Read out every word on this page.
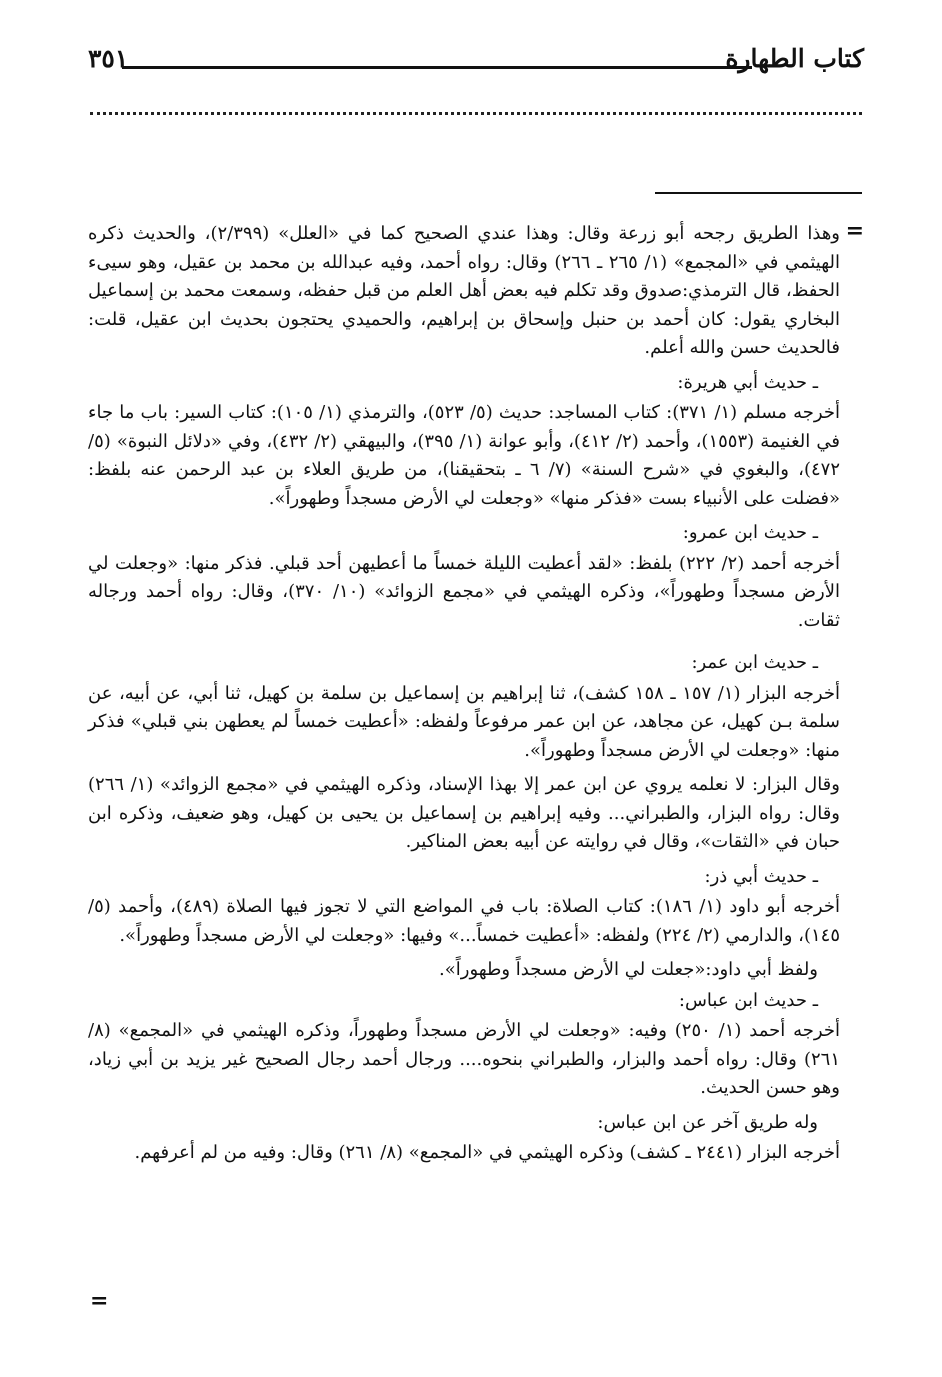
كتاب الطهارة
٣٥١
=

وهذا الطريق رجحه أبو زرعة وقال: وهذا عندي الصحيح كما في «العلل» (٢/٣٩٩)، والحديث ذكره الهيثمي في «المجمع» (١/ ٢٦٥ ـ ٢٦٦) وقال: رواه أحمد، وفيه عبدالله بن محمد بن عقيل، وهو سيىء الحفظ، قال الترمذي:صدوق وقد تكلم فيه بعض أهل العلم من قبل حفظه، وسمعت محمد بن إسماعيل البخاري يقول: كان أحمد بن حنبل وإسحاق بن إبراهيم، والحميدي يحتجون بحديث ابن عقيل، قلت: فالحديث حسن والله أعلم.

ـ حديث أبي هريرة:

أخرجه مسلم (١/ ٣٧١): كتاب المساجد: حديث (٥/ ٥٢٣)، والترمذي (١/ ١٠٥): كتاب السير: باب ما جاء في الغنيمة (١٥٥٣)، وأحمد (٢/ ٤١٢)، وأبو عوانة (١/ ٣٩٥)، والبيهقي (٢/ ٤٣٢)، وفي «دلائل النبوة» (٥/ ٤٧٢)، والبغوي في «شرح السنة» (٧/ ٦ ـ بتحقيقنا)، من طريق العلاء بن عبد الرحمن عنه بلفظ: «فضلت على الأنبياء بست «فذكر منها» «وجعلت لي الأرض مسجداً وطهوراً».

ـ حديث ابن عمرو:

أخرجه أحمد (٢/ ٢٢٢) بلفظ: «لقد أعطيت الليلة خمساً ما أعطيهن أحد قبلي. فذكر منها: «وجعلت لي الأرض مسجداً وطهوراً»، وذكره الهيثمي في «مجمع الزوائد» (١٠/ ٣٧٠)، وقال: رواه أحمد ورجاله ثقات.

ـ حديث ابن عمر:

أخرجه البزار (١/ ١٥٧ ـ ١٥٨ كشف)، ثنا إبراهيم بن إسماعيل بن سلمة بن كهيل، ثنا أبي، عن أبيه، عن سلمة بـن كهيل، عن مجاهد، عن ابن عمر مرفوعاً ولفظه: «أعطيت خمساً لم يعطهن بني قبلي» فذكر منها: «وجعلت لي الأرض مسجداً وطهوراً».

وقال البزار: لا نعلمه يروي عن ابن عمر إلا بهذا الإسناد، وذكره الهيثمي في «مجمع الزوائد» (١/ ٢٦٦) وقال: رواه البزار، والطبراني... وفيه إبراهيم بن إسماعيل بن يحيى بن كهيل، وهو ضعيف، وذكره ابن حبان في «الثقات»، وقال في روايته عن أبيه بعض المناكير.

ـ حديث أبي ذر:

أخرجه أبو داود (١/ ١٨٦): كتاب الصلاة: باب في المواضع التي لا تجوز فيها الصلاة (٤٨٩)، وأحمد (٥/ ١٤٥)، والدارمي (٢/ ٢٢٤) ولفظه: «أعطيت خمساً...» وفيها: «وجعلت لي الأرض مسجداً وطهوراً».

ولفظ أبي داود:«جعلت لي الأرض مسجداً وطهوراً».

ـ حديث ابن عباس:

أخرجه أحمد (١/ ٢٥٠) وفيه: «وجعلت لي الأرض مسجداً وطهوراً، وذكره الهيثمي في «المجمع» (٨/ ٢٦١) وقال: رواه أحمد والبزار، والطبراني بنحوه.... ورجال أحمد رجال الصحيح غير يزيد بن أبي زياد، وهو حسن الحديث.

وله طريق آخر عن ابن عباس:

أخرجه البزار (٢٤٤١ ـ كشف) وذكره الهيثمي في «المجمع» (٨/ ٢٦١) وقال: وفيه من لم أعرفهم.

=
